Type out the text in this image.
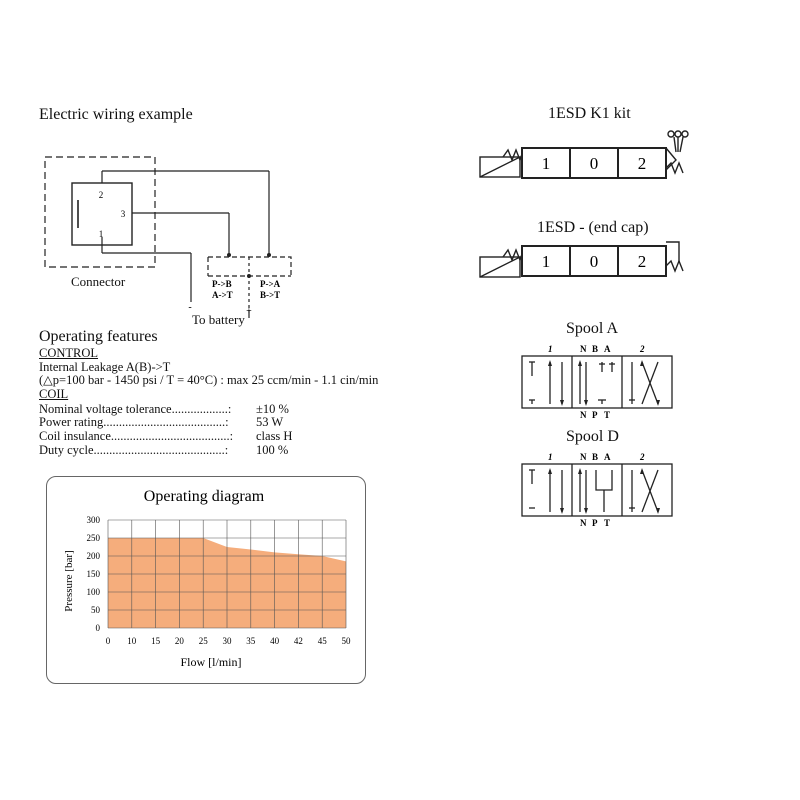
Electric wiring example
2
3
1
P->B
A->T
P->A
B->T
-	+
Connector
To battery
Operating features
CONTROL
Internal Leakage A(B)->T
(△p=100 bar - 1450 psi / T = 40°C) : max 25 ccm/min - 1.1 cin/min
COIL
Nominal voltage tolerance..................: ±10 %
Power rating.......................................: 53 W
Coil insulance......................................: class H
Duty cycle..........................................: 100 %
Operating diagram
0 10 15 20 25 30 35 40 42 45 50
300
250
200
150
100
50
0
Flow [l/min]
Pressure [bar]
1ESD K1 kit
1 0 2
1ESD - (end cap)
1 0 2
Spool A
1	N B A	2
N P T
Spool D
1	N B A	2
N P T
